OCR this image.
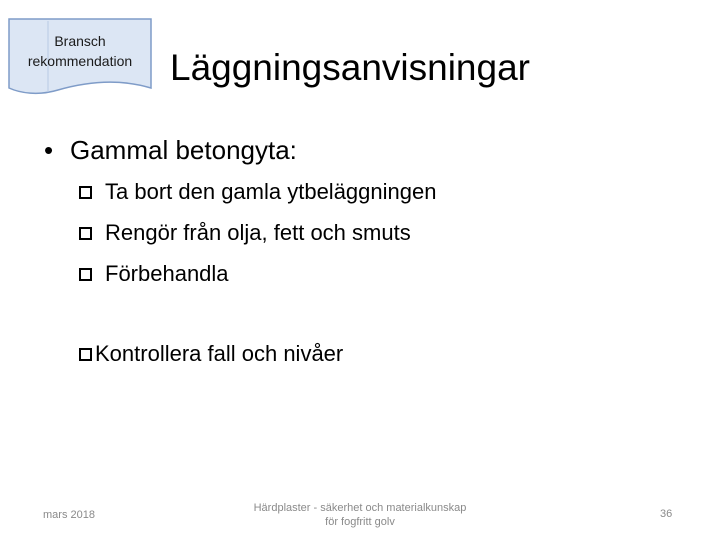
Bransch
rekommendation	Läggningsanvisningar
• Gammal betongyta:
Ta bort den gamla ytbeläggningen
Rengör från olja, fett och smuts
Förbehandla
Kontrollera fall och nivåer
mars 2018
Härdplaster - säkerhet och materialkunskap
för fogfritt golv
36
